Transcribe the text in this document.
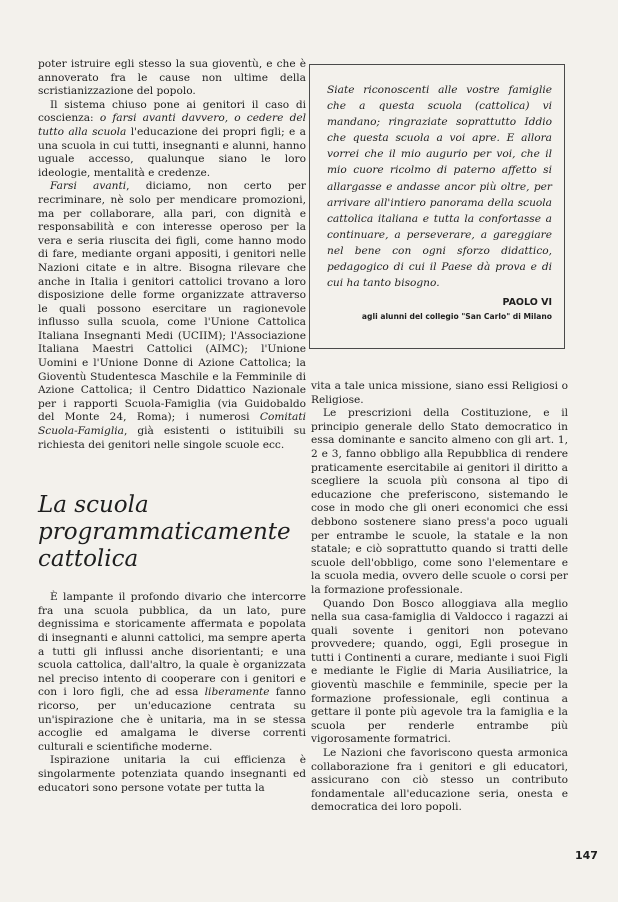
poter istruire egli stesso la sua gioventù, e che è annoverato fra le cause non ultime della scristianizzazione del popolo.

Il sistema chiuso pone ai genitori il caso di coscienza: o farsi avanti davvero, o cedere del tutto alla scuola l'educazione dei propri figli; e a una scuola in cui tutti, insegnanti e alunni, hanno uguale accesso, qualunque siano le loro ideologie, mentalità e credenze.

Farsi avanti, diciamo, non certo per recriminare, nè solo per mendicare promozioni, ma per collaborare, alla pari, con dignità e responsabilità e con interesse operoso per la vera e seria riuscita dei figli, come hanno modo di fare, mediante organi appositi, i genitori nelle Nazioni citate e in altre. Bisogna rilevare che anche in Italia i genitori cattolici trovano a loro disposizione delle forme organizzate attraverso le quali possono esercitare un ragionevole influsso sulla scuola, come l'Unione Cattolica Italiana Insegnanti Medi (UCIIM); l'Associazione Italiana Maestri Cattolici (AIMC); l'Unione Uomini e l'Unione Donne di Azione Cattolica; la Gioventù Studentesca Maschile e la Femminile di Azione Cattolica; il Centro Didattico Nazionale per i rapporti Scuola-Famiglia (via Guidobaldo del Monte 24, Roma); i numerosi Comitati Scuola-Famiglia, già esistenti o istituibili su richiesta dei genitori nelle singole scuole ecc.

La scuola programmaticamente cattolica

È lampante il profondo divario che intercorre fra una scuola pubblica, da un lato, pure degnissima e storicamente affermata e popolata di insegnanti e alunni cattolici, ma sempre aperta a tutti gli influssi anche disorientanti; e una scuola cattolica, dall'altro, la quale è organizzata nel preciso intento di cooperare con i genitori e con i loro figli, che ad essa liberamente fanno ricorso, per un'educazione centrata su un'ispirazione che è unitaria, ma in se stessa accoglie ed amalgama le diverse correnti culturali e scientifiche moderne.

Ispirazione unitaria la cui efficienza è singolarmente potenziata quando insegnanti ed educatori sono persone votate per tutta la

Siate riconoscenti alle vostre famiglie che a questa scuola (cattolica) vi mandano; ringraziate soprattutto Iddio che questa scuola a voi apre. E allora vorrei che il mio augurio per voi, che il mio cuore ricolmo di paterno affetto si allargasse e andasse ancor più oltre, per arrivare all'intiero panorama della scuola cattolica italiana e tutta la confortasse a continuare, a perseverare, a gareggiare nel bene con ogni sforzo didattico, pedagogico di cui il Paese dà prova e di cui ha tanto bisogno.
PAOLO VI
agli alunni del collegio "San Carlo" di Milano

vita a tale unica missione, siano essi Religiosi o Religiose.

Le prescrizioni della Costituzione, e il principio generale dello Stato democratico in essa dominante e sancito almeno con gli art. 1, 2 e 3, fanno obbligo alla Repubblica di rendere praticamente esercitabile ai genitori il diritto a scegliere la scuola più consona al tipo di educazione che preferiscono, sistemando le cose in modo che gli oneri economici che essi debbono sostenere siano press'a poco uguali per entrambe le scuole, la statale e la non statale; e ciò soprattutto quando si tratti delle scuole dell'obbligo, come sono l'elementare e la scuola media, ovvero delle scuole o corsi per la formazione professionale.

Quando Don Bosco alloggiava alla meglio nella sua casa-famiglia di Valdocco i ragazzi ai quali sovente i genitori non potevano provvedere; quando, oggi, Egli prosegue in tutti i Continenti a curare, mediante i suoi Figli e mediante le Figlie di Maria Ausiliatrice, la gioventù maschile e femminile, specie per la formazione professionale, egli continua a gettare il ponte più agevole tra la famiglia e la scuola per renderle entrambe più vigorosamente formatrici.

Le Nazioni che favoriscono questa armonica collaborazione fra i genitori e gli educatori, assicurano con ciò stesso un contributo fondamentale all'educazione seria, onesta e democratica dei loro popoli.

147
